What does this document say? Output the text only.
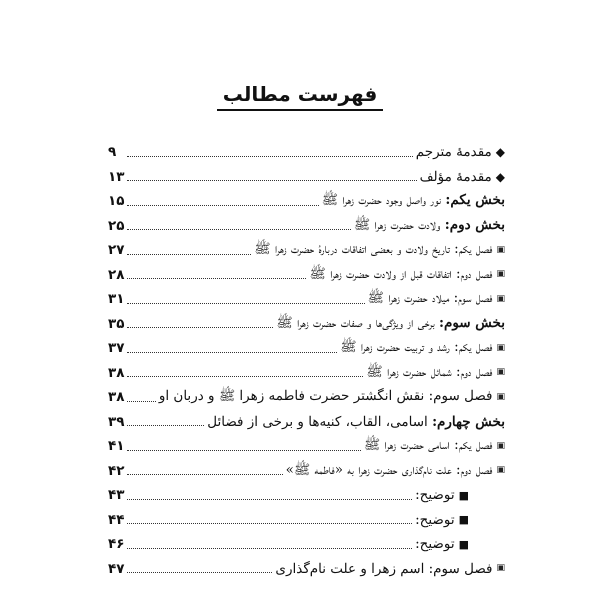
فهرست مطالب
◆
مقدمهٔ مترجم
۹
◆
مقدمهٔ مؤلف
۱۳
بخش یکم: نور واصل وجود حضرت زهرا ﷺ
۱۵
بخش دوم: ولادت حضرت زهرا ﷺ
۲۵
▣
فصل یکم: تاریخ ولادت و بعضی اتفاقات دربارهٔ حضرت زهرا ﷺ
۲۷
▣
فصل دوم: اتفاقات قبل از ولادت حضرت زهرا ﷺ
۲۸
▣
فصل سوم: میلاد حضرت زهرا ﷺ
۳۱
بخش سوم: برخی از ویژگی‌ها و صفات حضرت زهرا ﷺ
۳۵
▣
فصل یکم: رشد و تربیت حضرت زهرا ﷺ
۳۷
▣
فصل دوم: شمائل حضرت زهرا ﷺ
۳۸
▣
فصل سوم: نقش انگشتر حضرت فاطمه زهرا ﷺ و دربان او
۳۸
بخش چهارم: اسامی، القاب، کنیه‌ها و برخی از فضائل
۳۹
▣
فصل یکم: اسامی حضرت زهرا ﷺ
۴۱
▣
فصل دوم: علت نام‌گذاری حضرت زهرا به «فاطمه ﷺ»
۴۲
■
توضیح:
۴۳
■
توضیح:
۴۴
■
توضیح:
۴۶
▣
فصل سوم: اسم زهرا و علت نام‌گذاری
۴۷
